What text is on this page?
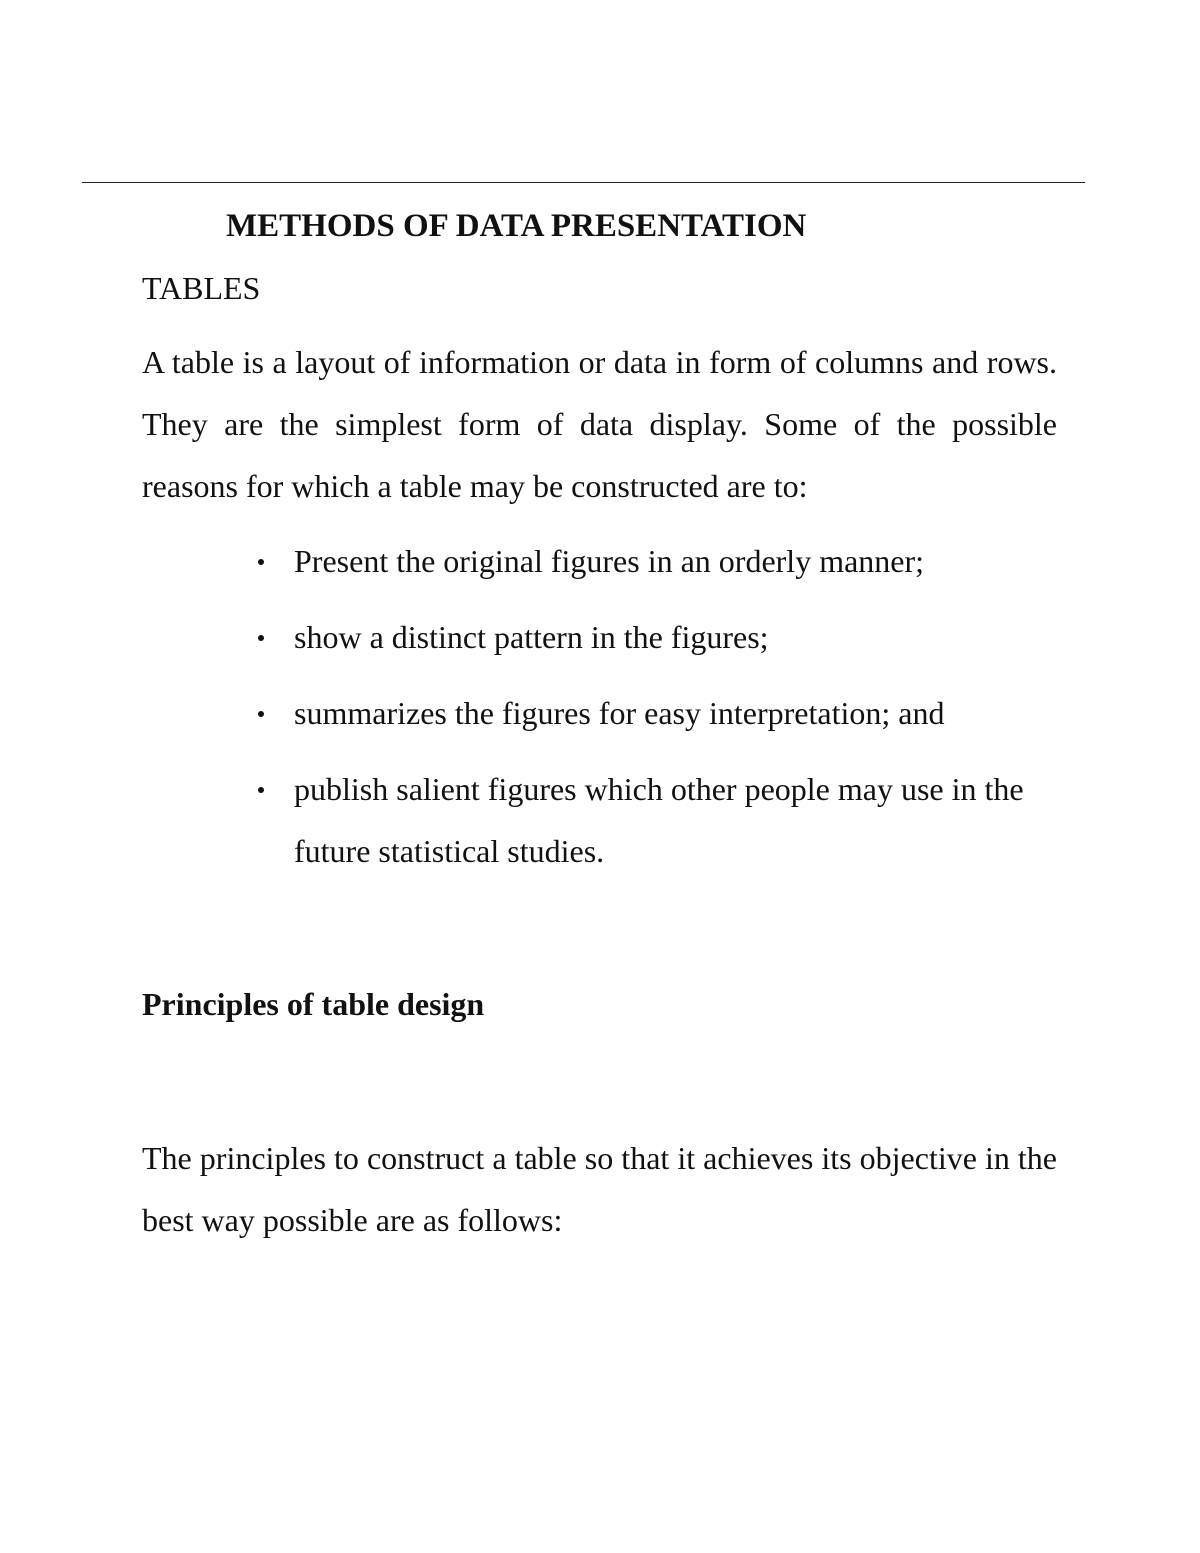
METHODS OF DATA PRESENTATION
TABLES

A table is a layout of information or data in form of columns and rows. They are the simplest form of data display. Some of the possible reasons for which a table may be constructed are to:

Present the original figures in an orderly manner;
show a distinct pattern in the figures;
summarizes the figures for easy interpretation; and
publish salient figures which other people may use in the future statistical studies.
Principles of table design

The principles to construct a table so that it achieves its objective in the best way possible are as follows:
